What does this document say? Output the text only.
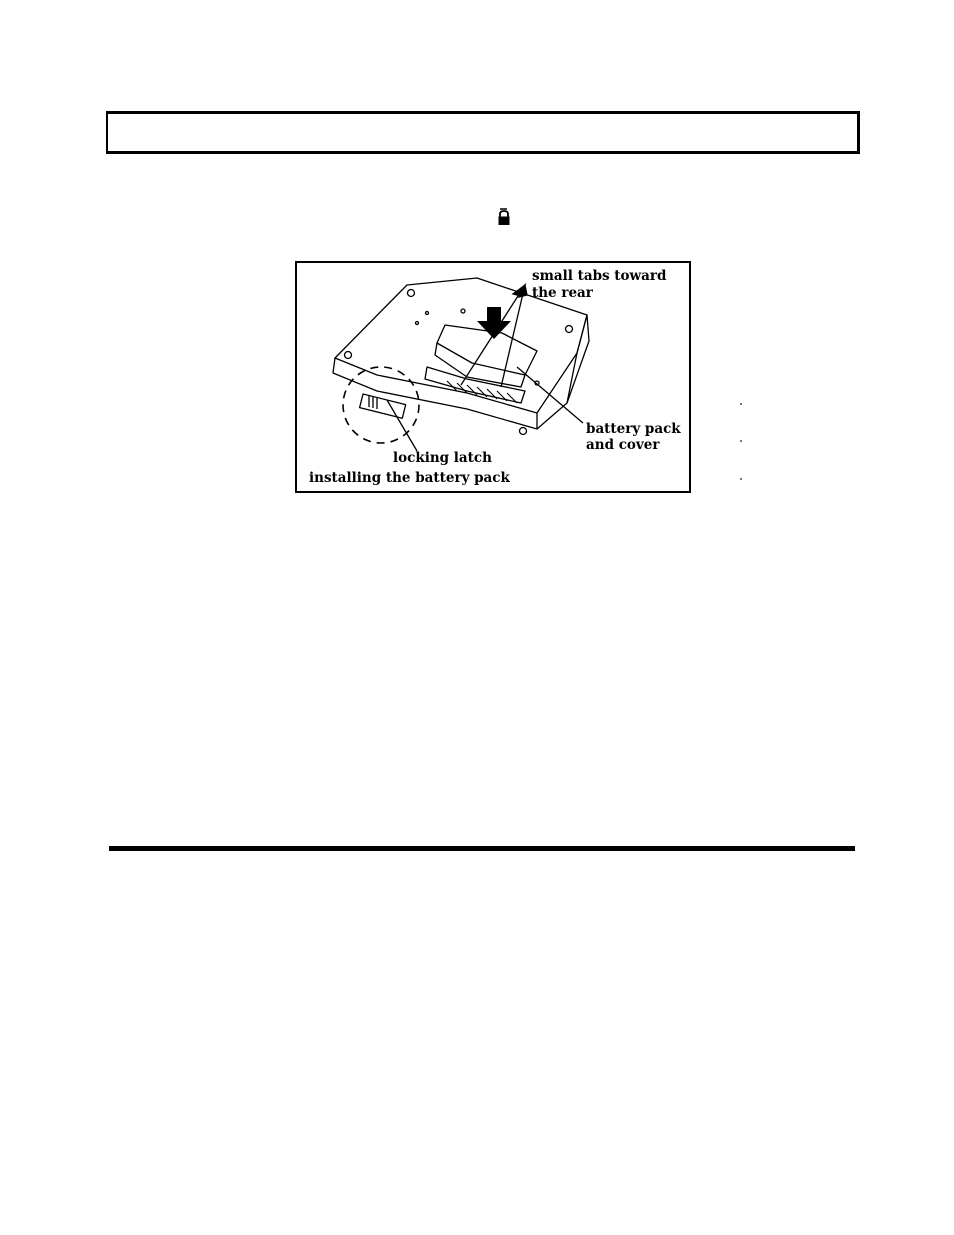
small tabs toward
the rear
battery pack
and cover
locking latch
installing the battery pack
